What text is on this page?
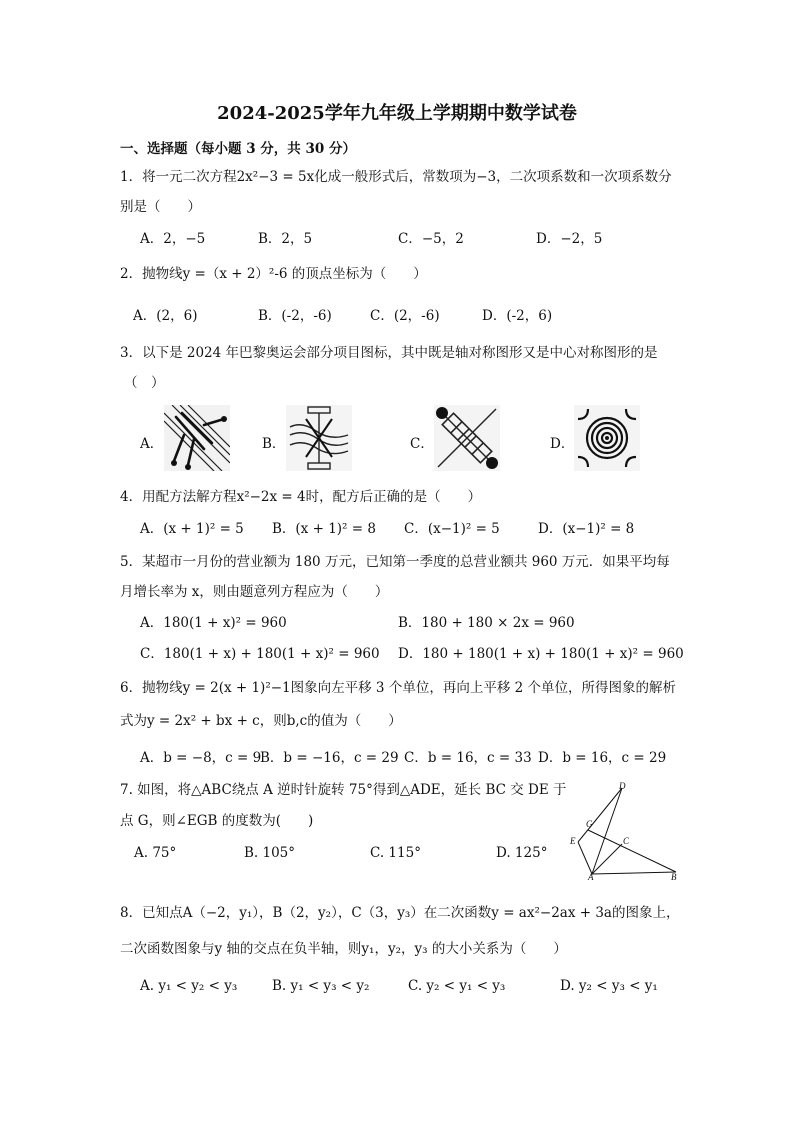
2024-2025学年九年级上学期期中数学试卷
一、选择题（每小题 3 分，共 30 分）
1．将一元二次方程2x²−3 = 5x化成一般形式后，常数项为−3，二次项系数和一次项系数分
别是（　　）
A．2，−5	B．2，5	C．−5，2	D．−2，5
2．抛物线y =（x + 2）²-6 的顶点坐标为（　　）
A．(2，6)	B．(-2，-6)	C．(2，-6)	D．(-2，6)
3．以下是 2024 年巴黎奥运会部分项目图标，其中既是轴对称图形又是中心对称图形的是
（　）
A．	B．	C．	D．
4．用配方法解方程x²−2x = 4时，配方后正确的是（　　）
A．(x + 1)² = 5 B．(x + 1)² = 8 C．(x−1)² = 5	D．(x−1)² = 8
5．某超市一月份的营业额为 180 万元，已知第一季度的总营业额共 960 万元．如果平均每
月增长率为 x，则由题意列方程应为（　　）
A．180(1 + x)² = 960	B．180 + 180 × 2x = 960
C．180(1 + x) + 180(1 + x)² = 960 D．180 + 180(1 + x) + 180(1 + x)² = 960
6．抛物线y = 2(x + 1)²−1图象向左平移 3 个单位，再向上平移 2 个单位，所得图象的解析
式为y = 2x² + bx + c，则b,c的值为（　　）
A．b = −8，c = 9
B．b = −16，c = 29 C．b = 16，c = 33 D．b = 16，c = 29
7. 如图，将△ABC绕点 A 逆时针旋转 75°得到△ADE，延长 BC 交 DE 于
点 G，则∠EGB 的度数为(　　)
A. 75°	B. 105°	C. 115°	D. 125°
D
G
C
E
A	B
8．已知点A（−2，y₁），B（2，y₂），C（3，y₃）在二次函数y = ax²−2ax + 3a的图象上，
二次函数图象与y 轴的交点在负半轴，则y₁，y₂，y₃ 的大小关系为（　　）
A. y₁ < y₂ < y₃	B. y₁ < y₃ < y₂	C. y₂ < y₁ < y₃	D. y₂ < y₃ < y₁
